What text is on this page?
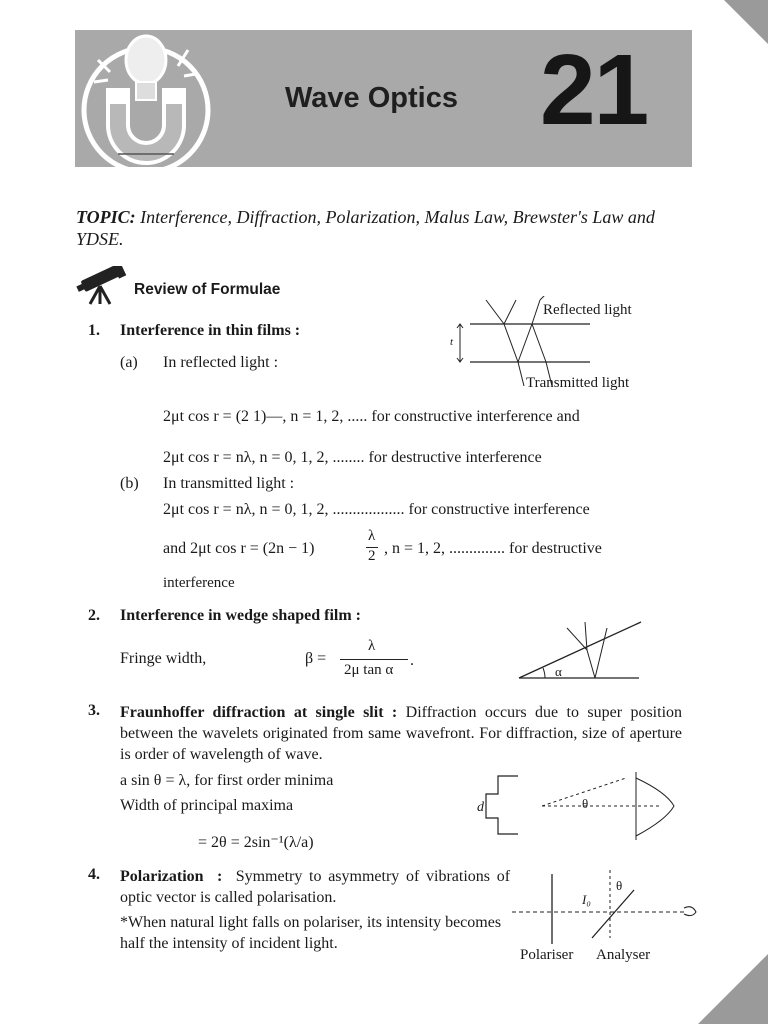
Wave Optics 21
TOPIC: Interference, Diffraction, Polarization, Malus Law, Brewster's Law and YDSE.
Review of Formulae
1. Interference in thin films :
(a) In reflected light :
2μt cos r = (2 1)—, n = 1, 2, ..... for constructive interference and
2μt cos r = nλ, n = 0, 1, 2, ........ for destructive interference
(b) In transmitted light :
2μt cos r = nλ, n = 0, 1, 2, .................. for constructive interference
and 2μt cos r = (2n − 1)
λ
2 , n = 1, 2, .............. for destructive
interference
t
Reflected light
Transmitted light
2. Interference in wedge shaped film :
Fringe width,	β =
λ
2μ tan α
.
α
3. Fraunhoffer diffraction at single slit : Diffraction occurs due to super position between the wavelets originated from same wavefront. For diffraction, size of aperture is order of wavelength of wave.
a sin θ = λ, for first order minima
Width of principal maxima
= 2θ = 2sin⁻¹(λ/a)
d	θ
4. Polarization : Symmetry to asymmetry of vibrations of optic vector is called polarisation.
*When natural light falls on polariser, its intensity becomes half the intensity of incident light.
I₀
θ
Polariser Analyser
